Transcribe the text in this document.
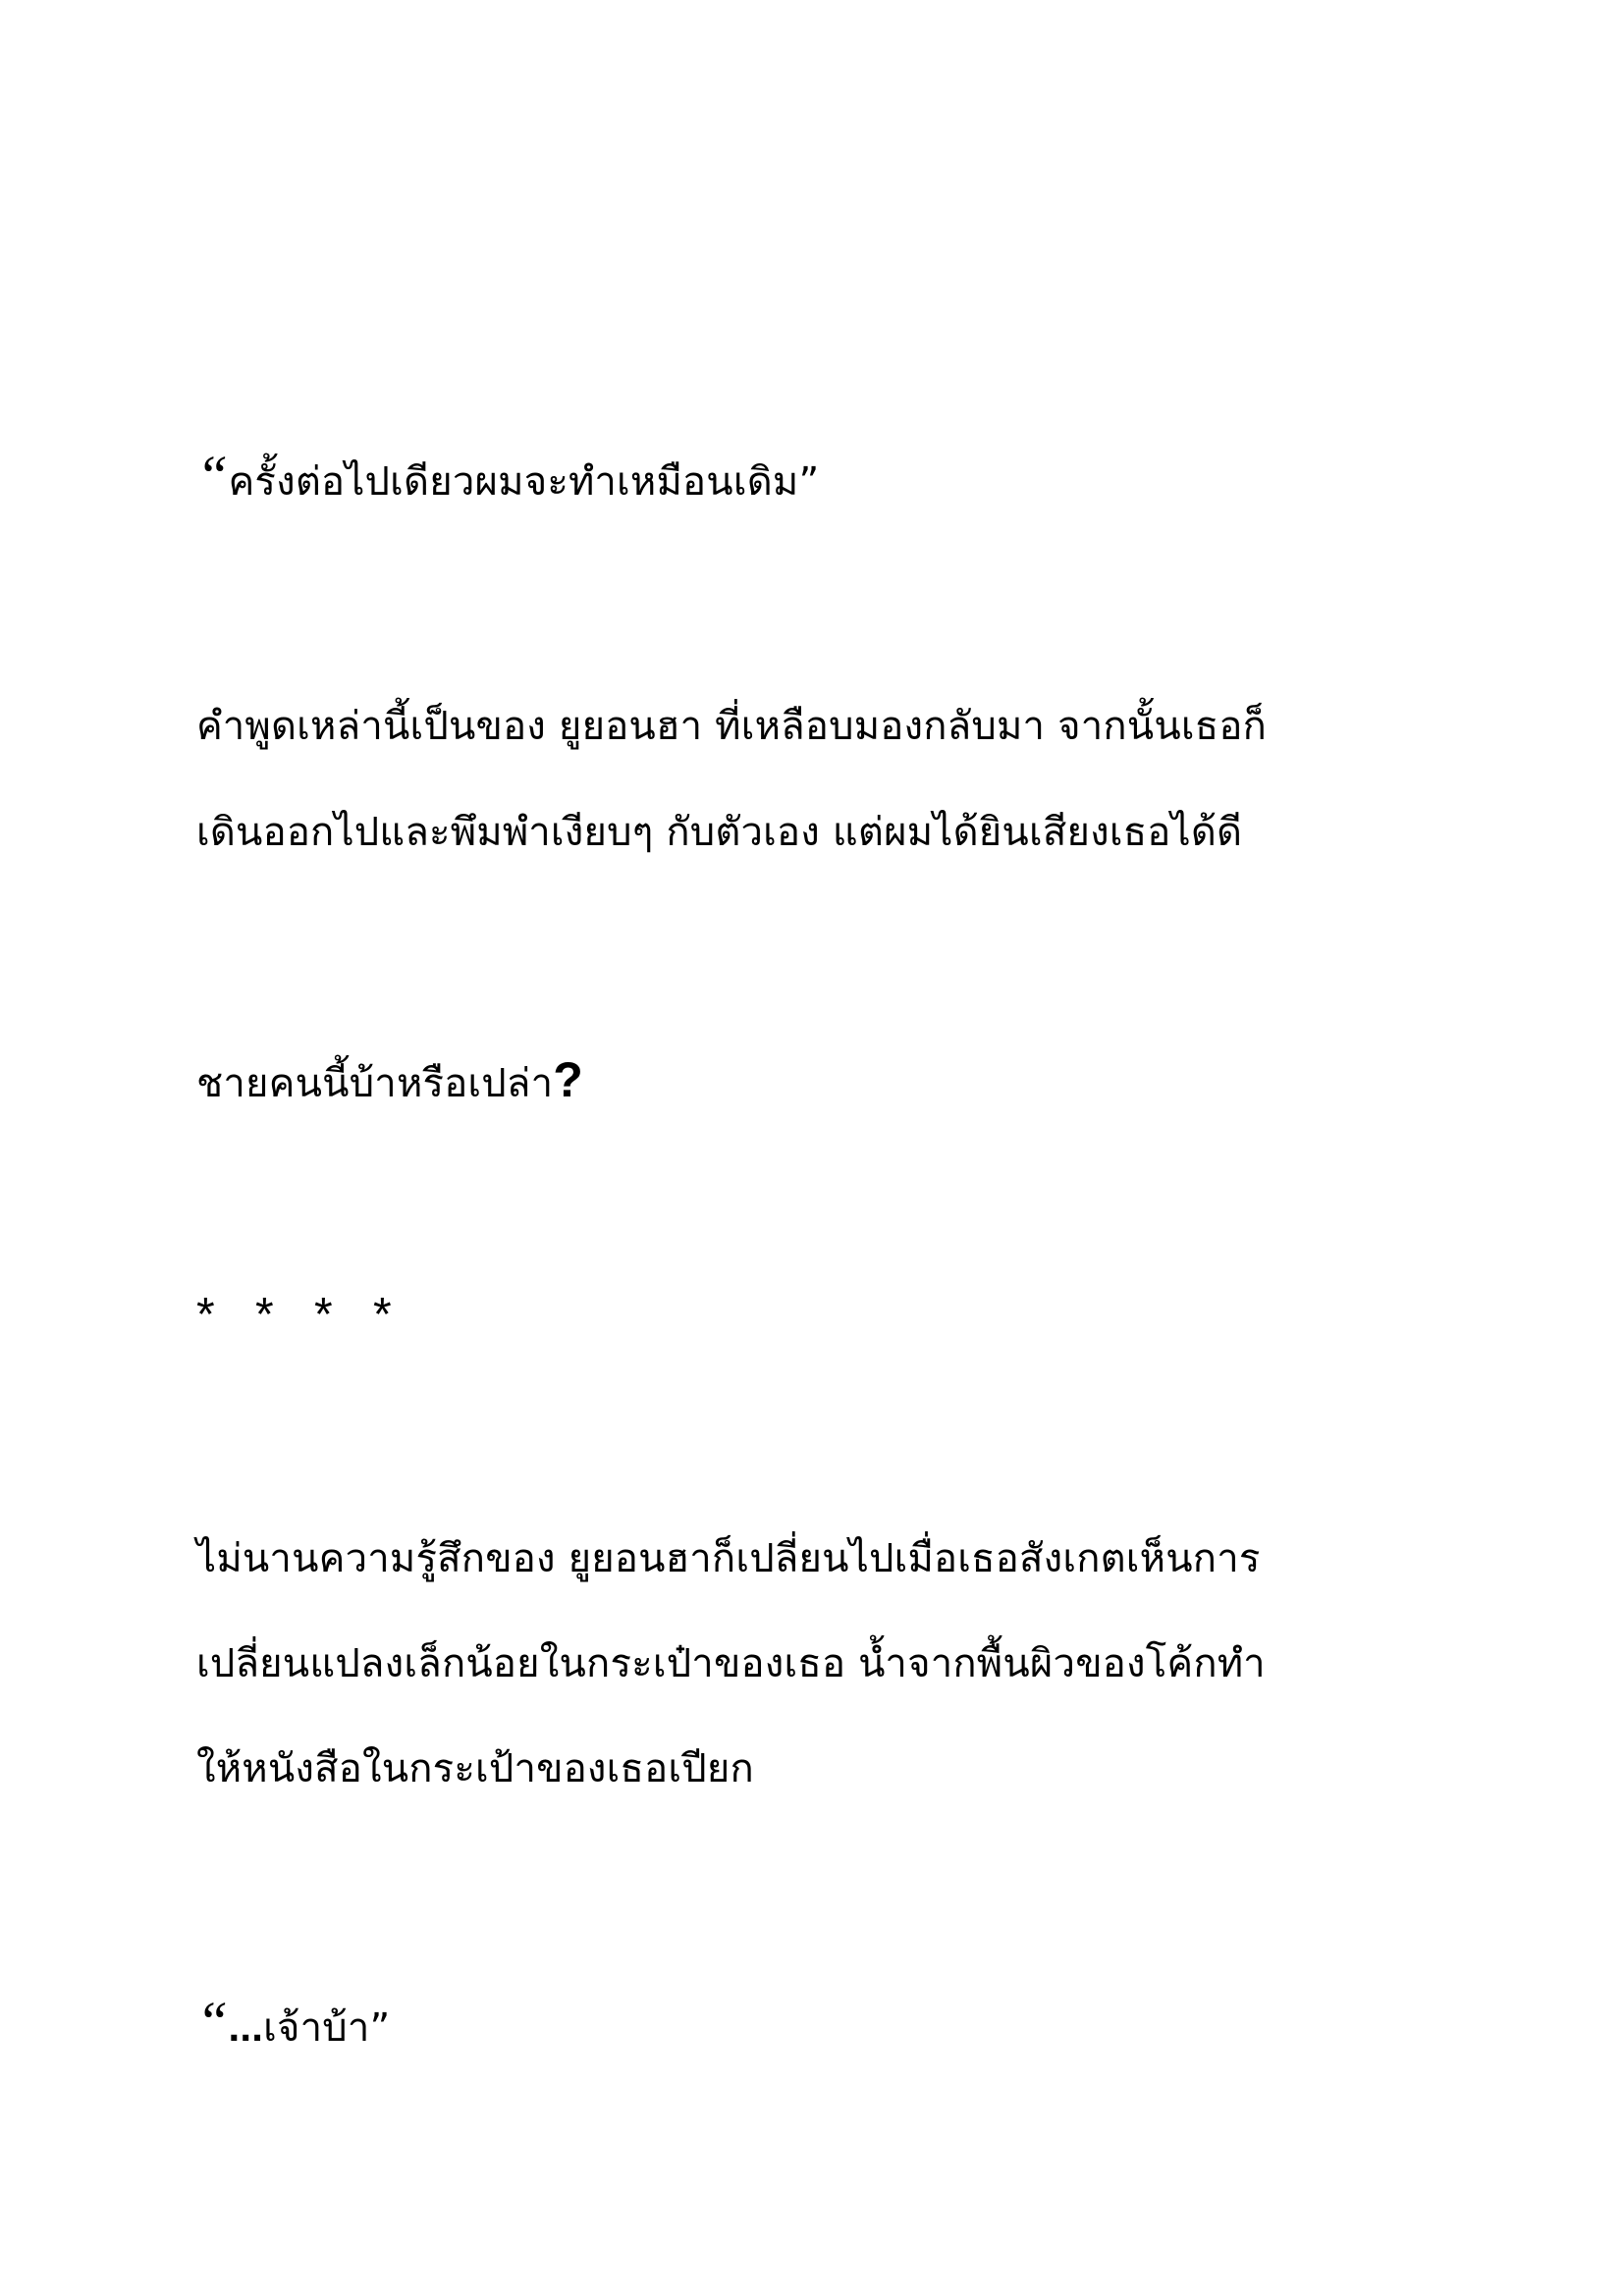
“ครั้งต่อไปเดียวผมจะทำเหมือนเดิม”
คำพูดเหล่านี้เป็นของ ยูยอนฮา ที่เหลือบมองกลับมา จากนั้นเธอก็
เดินออกไปและพึมพำเงียบๆ กับตัวเอง แต่ผมได้ยินเสียงเธอได้ดี
ชายคนนี้บ้าหรือเปล่า?
* * * *
ไม่นานความรู้สึกของ ยูยอนฮาก็เปลี่ยนไปเมื่อเธอสังเกตเห็นการ
เปลี่ยนแปลงเล็กน้อยในกระเป๋าของเธอ น้ำจากพื้นผิวของโค้กทำ
ให้หนังสือในกระเป้าของเธอเปียก
“...เจ้าบ้า”
